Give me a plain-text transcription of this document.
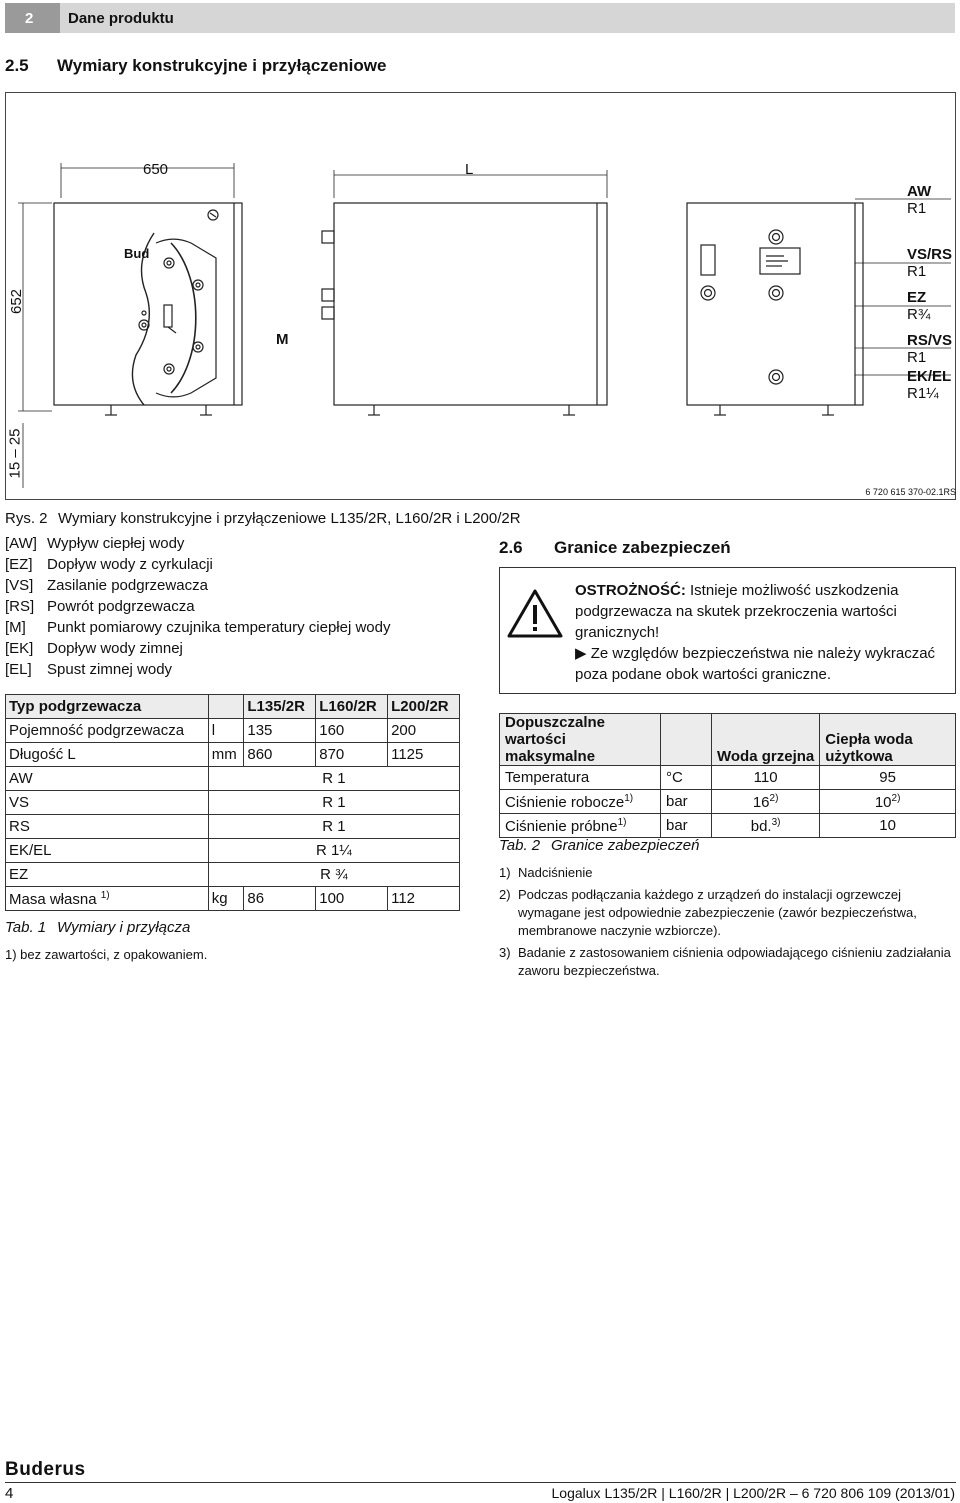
2	Dane produktu
2.5 Wymiary konstrukcyjne i przyłączeniowe
650	L
652
15 – 25
Bud
M
AW
R1
VS/RS
R1
EZ
R¾
RS/VS
R1
EK/EL
R1¼
6 720 615 370-02.1RS
Rys. 2 Wymiary konstrukcyjne i przyłączeniowe L135/2R, L160/2R i L200/2R
[AW] Wypływ ciepłej wody
[EZ] Dopływ wody z cyrkulacji
[VS] Zasilanie podgrzewacza
[RS] Powrót podgrzewacza
[M]	Punkt pomiarowy czujnika temperatury ciepłej wody
[EK] Dopływ wody zimnej
[EL]	Spust zimnej wody
Typ podgrzewacza		L135/2R	L160/2R	L200/2R
Pojemność podgrzewacza	l	135	160	200
Długość L	mm	860	870	1125
AW	R 1			
VS	R 1			
RS	R 1			
EK/EL	R 1¼			
EZ	R ¾			
Masa własna $^{1)}$	kg	86	100	112
Tab. 1 Wymiary i przyłącza
1) bez zawartości, z opakowaniem.
2.6 Granice zabezpieczeń
OSTROŻNOŚĆ: Istnieje możliwość uszkodzenia podgrzewacza na skutek przekroczenia wartości granicznych!
▶ Ze względów bezpieczeństwa nie należy wykraczać poza podane obok wartości graniczne.
Dopuszczalne wartości maksymalne		Woda grzejna	Ciepła woda użytkowa
Temperatura	°C	110	95
Ciśnienie robocze$^{1)}$	bar	16$^{2)}$	10$^{2)}$
Ciśnienie próbne$^{1)}$	bar	bd.$^{3)}$	10
Tab. 2 Granice zabezpieczeń
1) Nadciśnienie
2) Podczas podłączania każdego z urządzeń do instalacji ogrzewczej wymagane jest odpowiednie zabezpieczenie (zawór bezpieczeństwa, membranowe naczynie wzbiorcze).
3) Badanie z zastosowaniem ciśnienia odpowiadającego ciśnieniu zadziałania zaworu bezpieczeństwa.
Buderus
4	Logalux L135/2R | L160/2R | L200/2R – 6 720 806 109 (2013/01)
